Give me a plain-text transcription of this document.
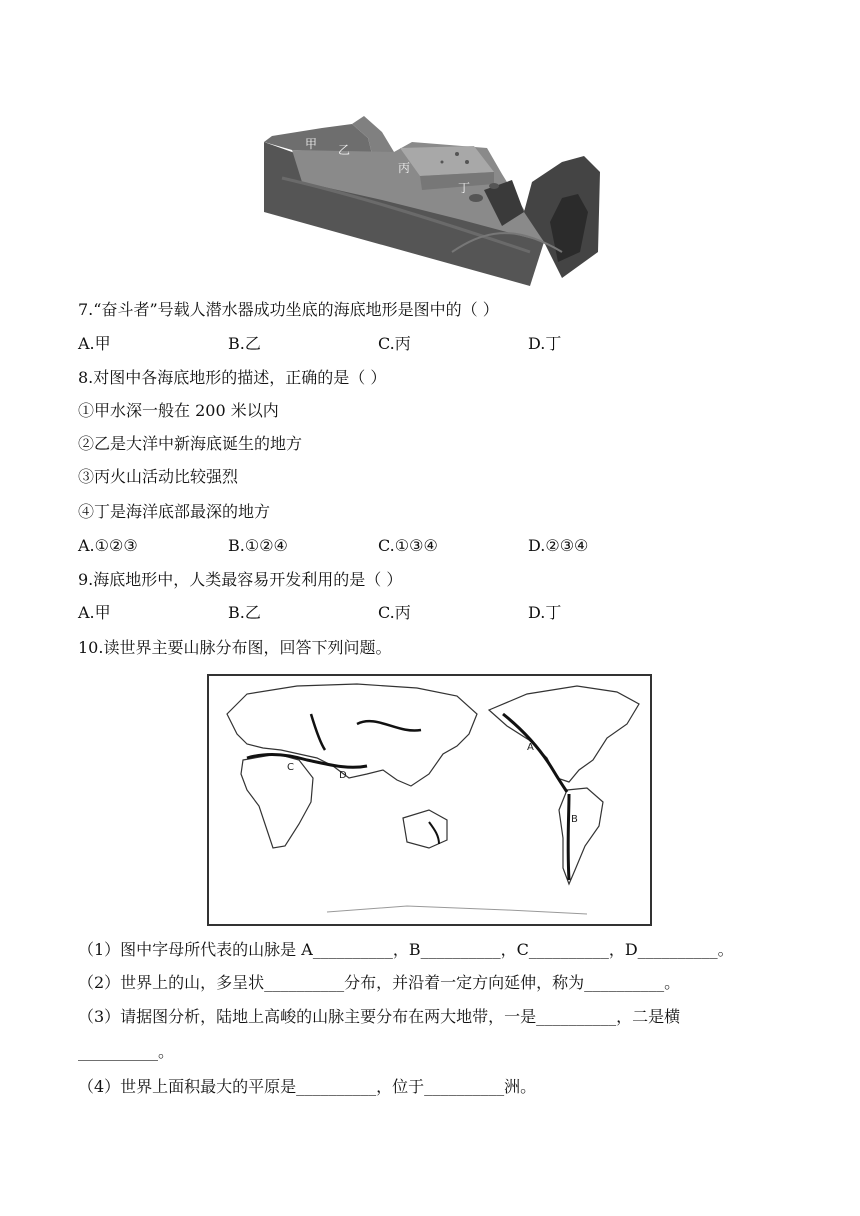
甲 乙
丙
丁
7.“奋斗者”号载人潜水器成功坐底的海底地形是图中的（ ）
A.甲	B.乙	C.丙	D.丁
8.对图中各海底地形的描述，正确的是（ ）
①甲水深一般在 200 米以内
②乙是大洋中新海底诞生的地方
③丙火山活动比较强烈
④丁是海洋底部最深的地方
A.①②③	B.①②④	C.①③④	D.②③④
9.海底地形中，人类最容易开发利用的是（ ）
A.甲	B.乙	C.丙	D.丁
10.读世界主要山脉分布图，回答下列问题。
A
B
C
D
（1）图中字母所代表的山脉是 A__________，B__________，C__________，D__________。
（2）世界上的山，多呈状__________分布，并沿着一定方向延伸，称为__________。
（3）请据图分析，陆地上高峻的山脉主要分布在两大地带，一是__________，二是横
__________。
（4）世界上面积最大的平原是__________，位于__________洲。
